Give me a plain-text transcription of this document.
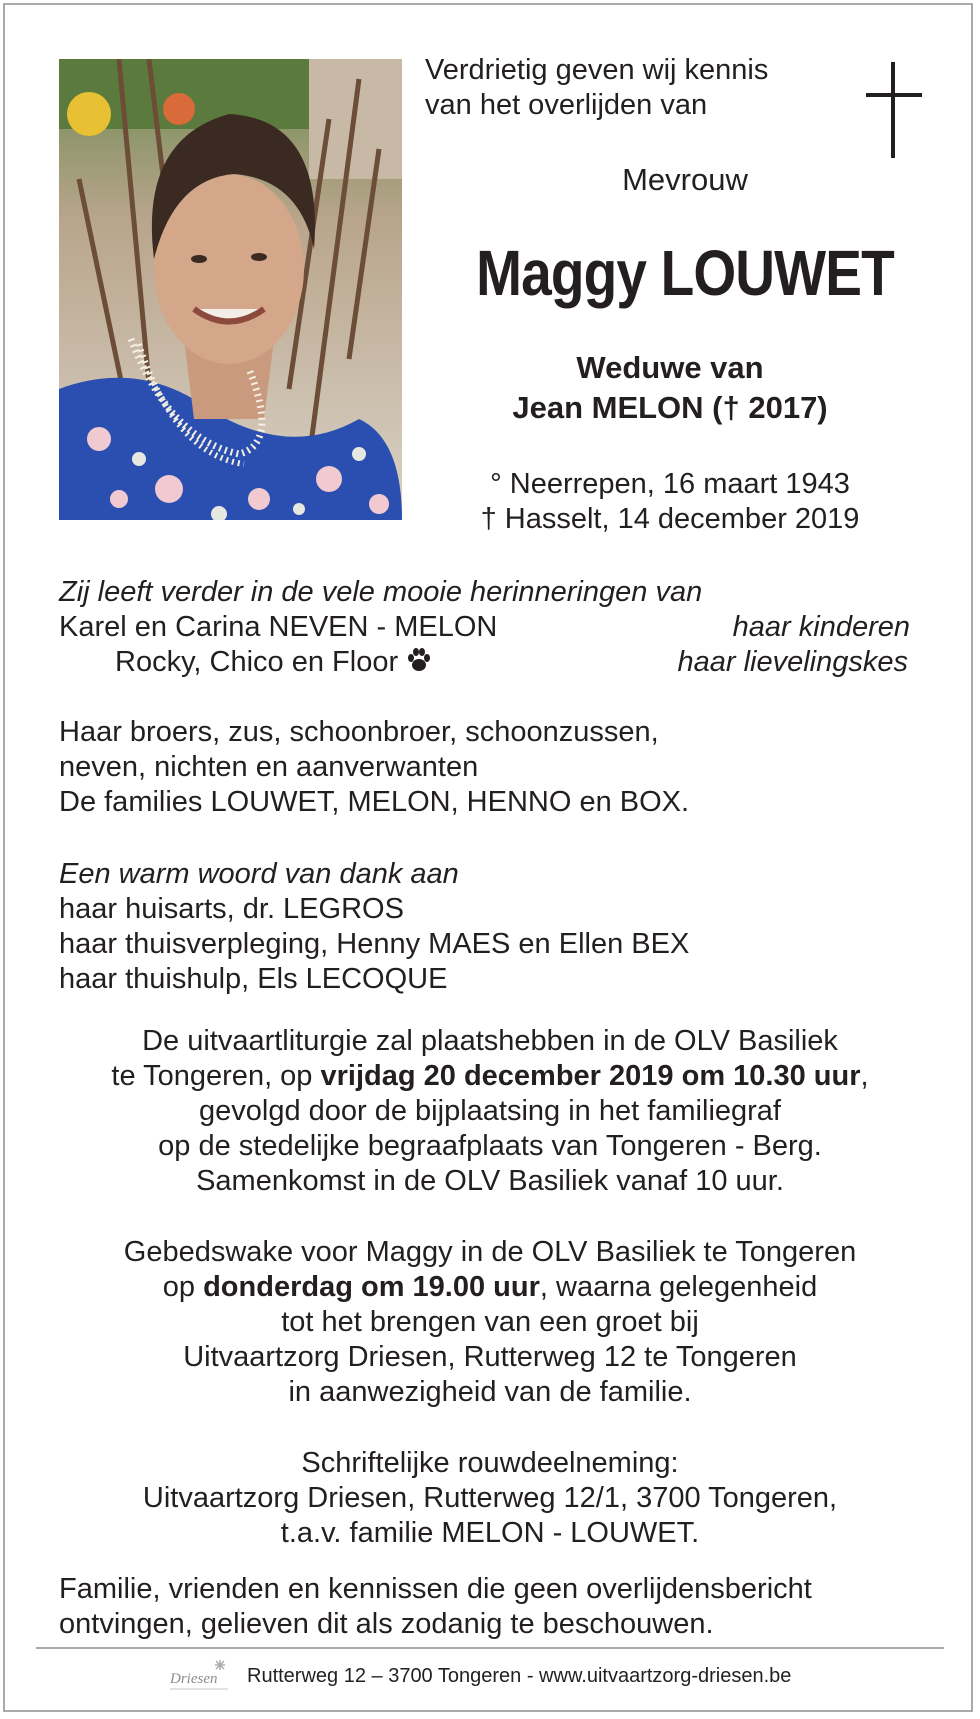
Verdrietig geven wij kennis

van het overlijden van

Mevrouw

Maggy LOUWET

Weduwe van

Jean MELON († 2017)

° Neerrepen, 16 maart 1943

† Hasselt, 14 december 2019

Zij leeft verder in de vele mooie herinneringen van

Karel en Carina NEVEN - MELON	haar kinderen

Rocky, Chico en Floor	haar lievelingskes

Haar broers, zus, schoonbroer, schoonzussen,

neven, nichten en aanverwanten

De families LOUWET, MELON, HENNO en BOX.

Een warm woord van dank aan

haar huisarts, dr. LEGROS

haar thuisverpleging, Henny MAES en Ellen BEX

haar thuishulp, Els LECOQUE

De uitvaartliturgie zal plaatshebben in de OLV Basiliek

te Tongeren, op vrijdag 20 december 2019 om 10.30 uur,

gevolgd door de bijplaatsing in het familiegraf

op de stedelijke begraafplaats van Tongeren - Berg.

Samenkomst in de OLV Basiliek vanaf 10 uur.

Gebedswake voor Maggy in de OLV Basiliek te Tongeren

op donderdag om 19.00 uur, waarna gelegenheid

tot het brengen van een groet bij

Uitvaartzorg Driesen, Rutterweg 12 te Tongeren

in aanwezigheid van de familie.

Schriftelijke rouwdeelneming:

Uitvaartzorg Driesen, Rutterweg 12/1, 3700 Tongeren,

t.a.v. familie MELON - LOUWET.

Familie, vrienden en kennissen die geen overlijdensbericht

ontvingen, gelieven dit als zodanig te beschouwen.

Driesen Rutterweg 12 – 3700 Tongeren - www.uitvaartzorg-driesen.be
